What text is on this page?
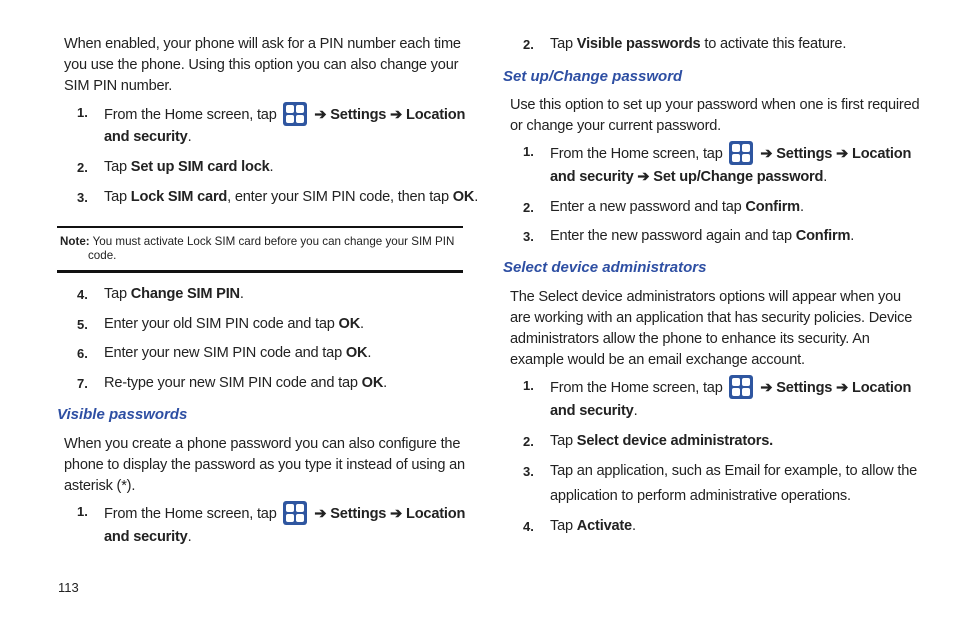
When enabled, your phone will ask for a PIN number each time
you use the phone. Using this option you can also change your
SIM PIN number.
1. From the Home screen, tap	➔ Settings ➔ Location
and security.
2. Tap Set up SIM card lock.
3. Tap Lock SIM card, enter your SIM PIN code, then tap OK.
Note: You must activate Lock SIM card before you can change your SIM PIN
code.
4. Tap Change SIM PIN.
5. Enter your old SIM PIN code and tap OK.
6. Enter your new SIM PIN code and tap OK.
7. Re-type your new SIM PIN code and tap OK.
Visible passwords
When you create a phone password you can also configure the
phone to display the password as you type it instead of using an
asterisk (*).
1. From the Home screen, tap	➔ Settings ➔ Location
and security.
113
2. Tap Visible passwords to activate this feature.
Set up/Change password
Use this option to set up your password when one is first required
or change your current password.
1. From the Home screen, tap	➔ Settings ➔ Location
and security ➔ Set up/Change password.
2. Enter a new password and tap Confirm.
3. Enter the new password again and tap Confirm.
Select device administrators
The Select device administrators options will appear when you
are working with an application that has security policies. Device
administrators allow the phone to enhance its security. An
example would be an email exchange account.
1. From the Home screen, tap	➔ Settings ➔ Location
and security.
2. Tap Select device administrators.
3. Tap an application, such as Email for example, to allow the
application to perform administrative operations.
4. Tap Activate.
